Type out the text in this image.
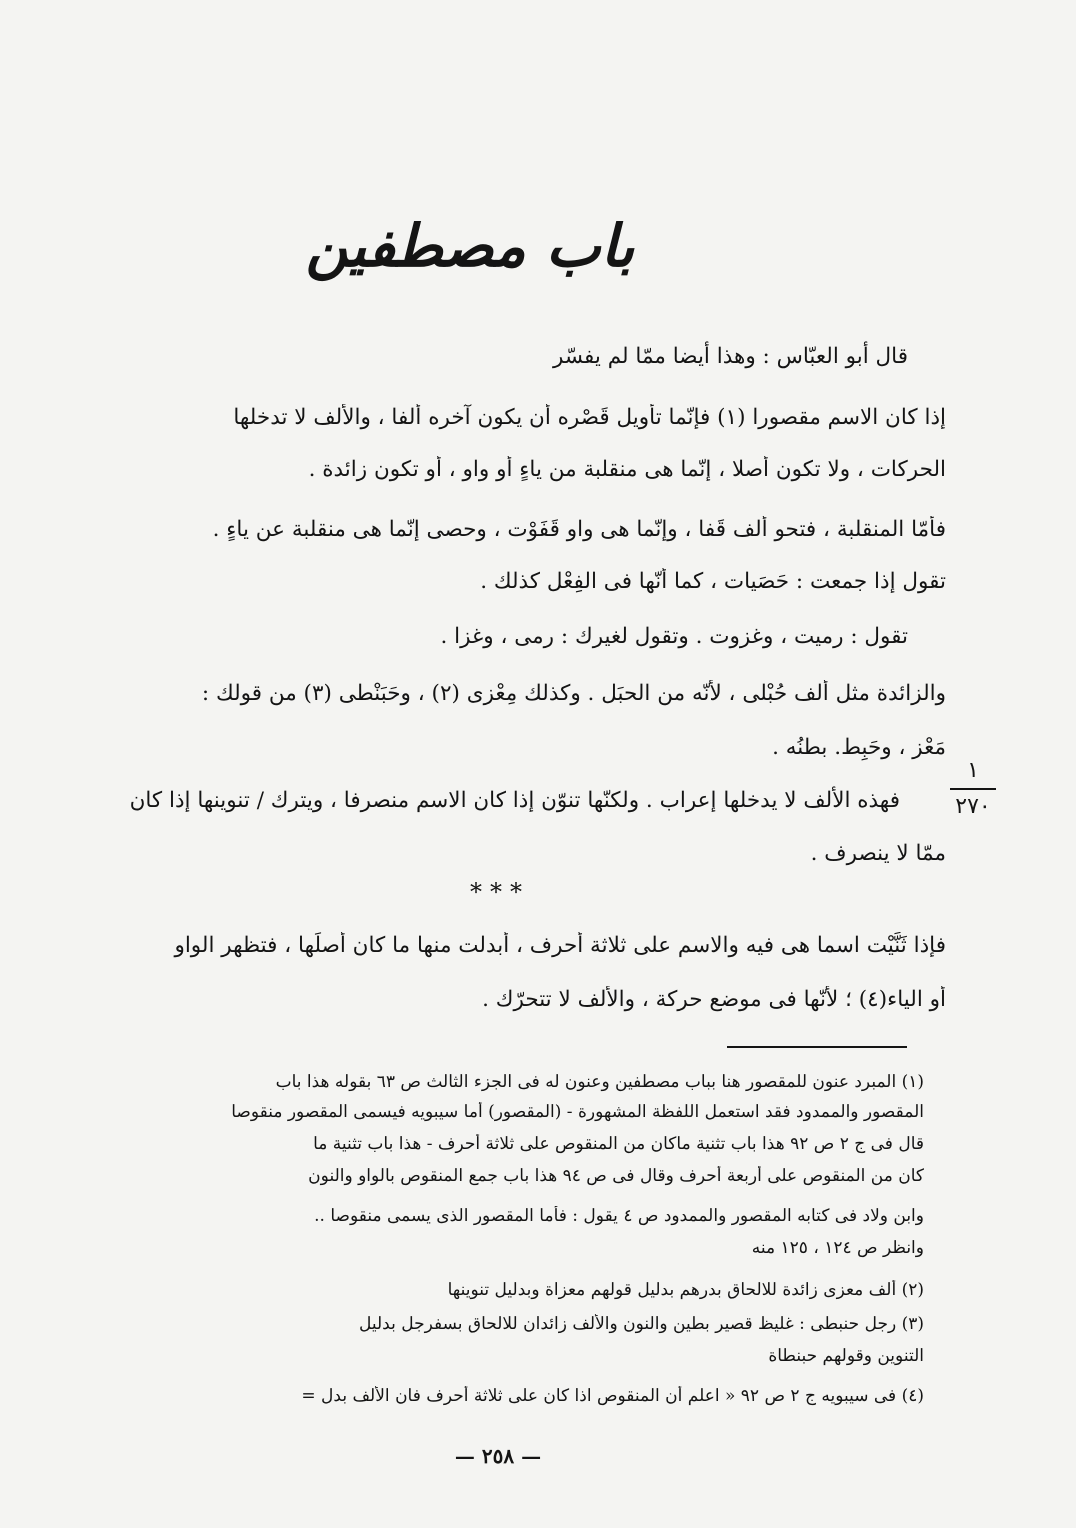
باب مصطفين
قال أبو العبّاس : وهذا أيضا ممّا لم يفسّر
إذا كان الاسم مقصورا (١) فإنّما تأويل قَصْره أن يكون آخره ألفا ، والألف لا تدخلها
الحركات ، ولا تكون أصلا ، إنّما هى منقلبة من ياءٍ أو واو ، أو تكون زائدة .
فأمّا المنقلبة ، فتحو ألف قَفا ، وإنّما هى واو قَفَوْت ، وحصى إنّما هى منقلبة عن ياءٍ .
تقول إذا جمعت : حَصَيات ، كما أنّها فى الفِعْل كذلك .
تقول : رميت ، وغزوت . وتقول لغيرك : رمى ، وغزا .
والزائدة مثل ألف حُبْلى ، لأنّه من الحبَل . وكذلك مِعْزى (٢) ، وحَبَنْطى (٣) من قولك :
مَعْز ، وحَبِط. بطنُه .
فهذه الألف لا يدخلها إعراب . ولكنّها تنوّن إذا كان الاسم منصرفا ، ويترك / تنوينها إذا كان
ممّا لا ينصرف .
١
٢٧٠
***
فإذا ثَنَّيْت اسما هى فيه والاسم على ثلاثة أحرف ، أبدلت منها ما كان أصلَها ، فتظهر الواو
أو الياء(٤) ؛ لأنّها فى موضع حركة ، والألف لا تتحرّك .
(١) المبرد عنون للمقصور هنا بباب مصطفين وعنون له فى الجزء الثالث ص ٦٣ بقوله هذا باب
المقصور والممدود فقد استعمل اللفظة المشهورة - (المقصور) أما سيبويه فيسمى المقصور منقوصا
قال فى ج ٢ ص ٩٢ هذا باب تثنية ماكان من المنقوص على ثلاثة أحرف - هذا باب تثنية ما
كان من المنقوص على أربعة أحرف وقال فى ص ٩٤ هذا باب جمع المنقوص بالواو والنون
وابن ولاد فى كتابه المقصور والممدود ص ٤ يقول : فأما المقصور الذى يسمى منقوصا ..
وانظر ص ١٢٤ ، ١٢٥ منه
(٢) ألف معزى زائدة للالحاق بدرهم بدليل قولهم معزاة وبدليل تنوينها
(٣) رجل حنبطى : غليظ قصير بطين والنون والألف زائدان للالحاق بسفرجل بدليل
التنوين وقولهم حبنطاة
(٤) فى سيبويه ج ٢ ص ٩٢ « اعلم أن المنقوص اذا كان على ثلاثة أحرف فان الألف بدل =
— ٢٥٨ —
